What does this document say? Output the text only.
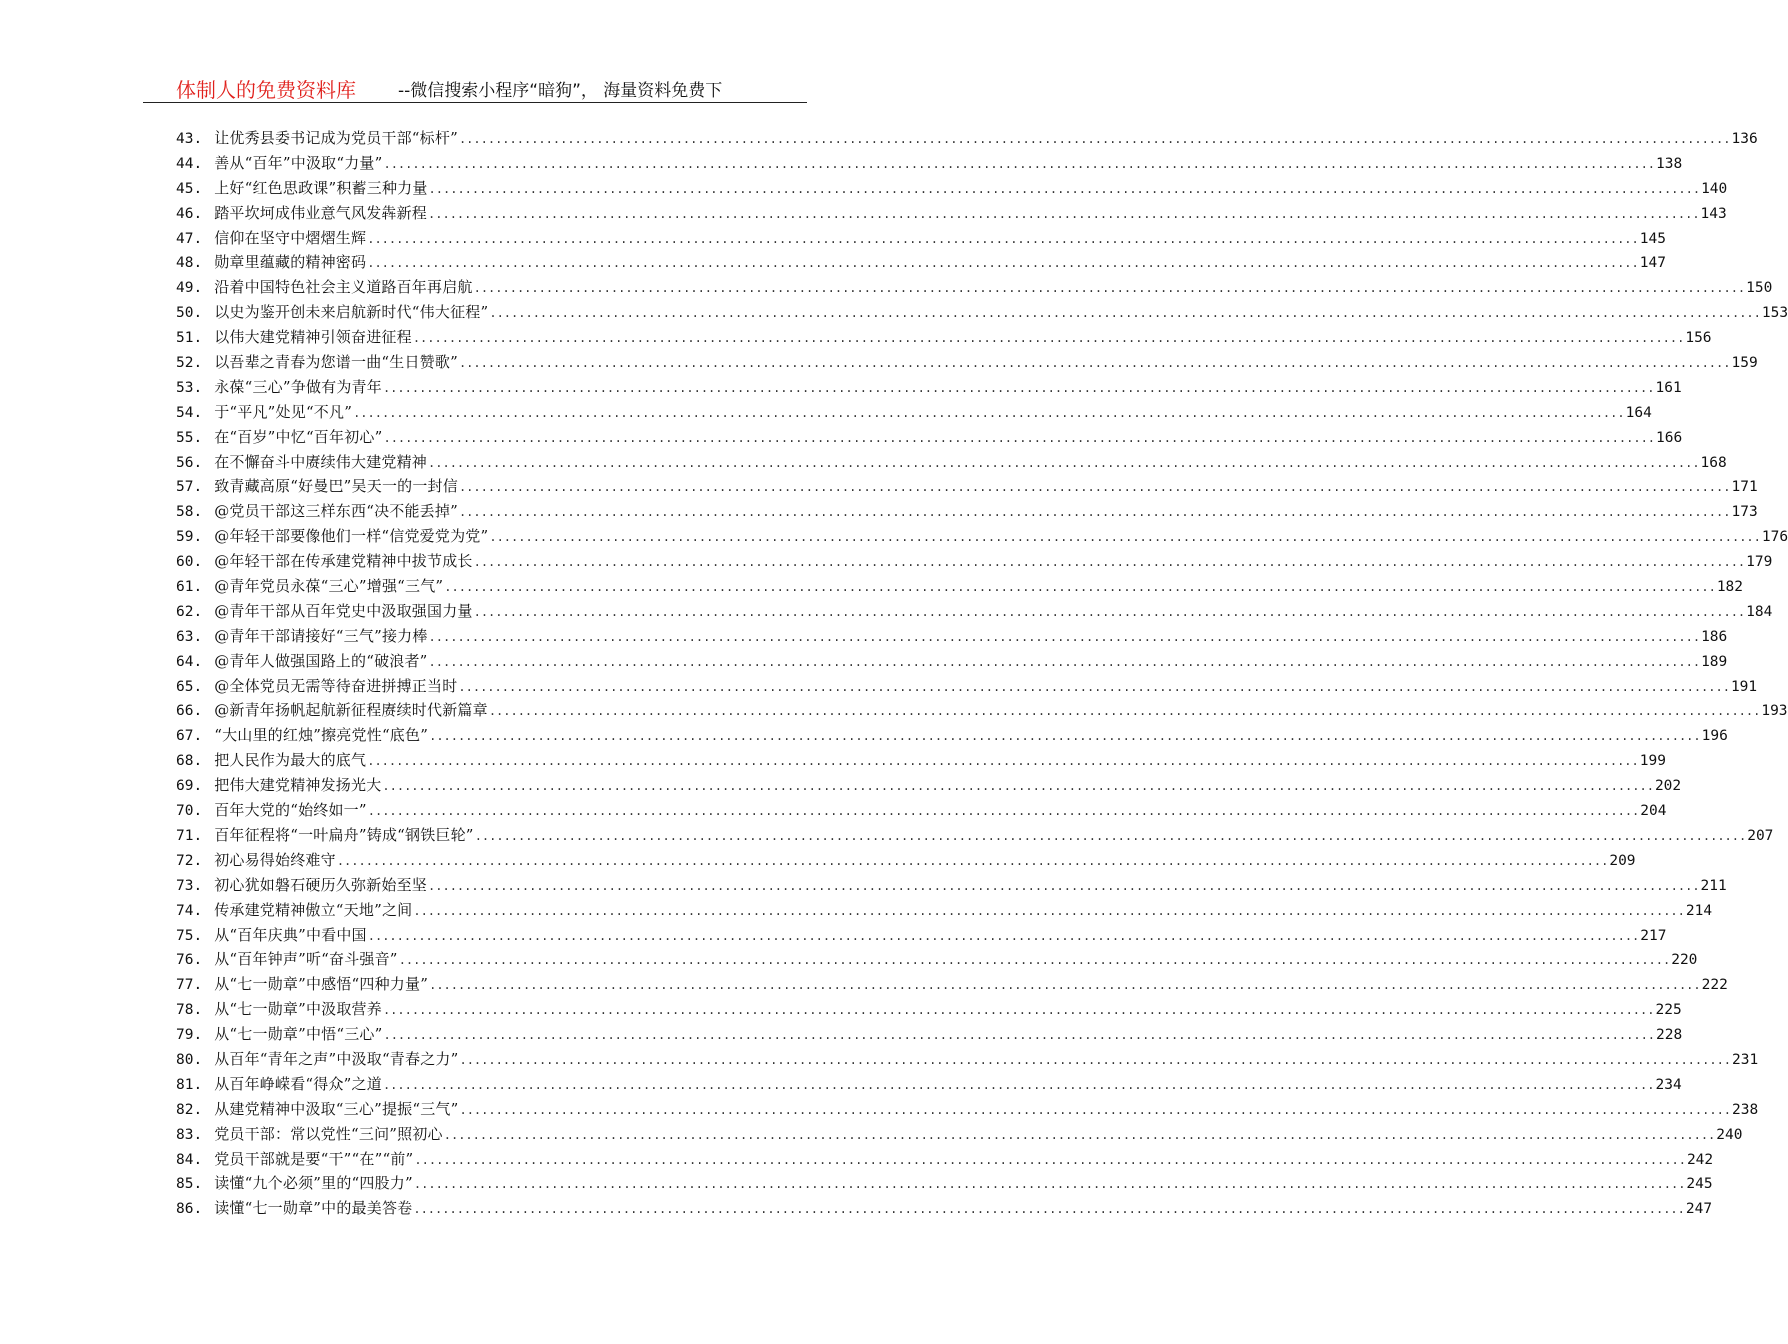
体制人的免费资料库 --微信搜索小程序“暗狗”， 海量资料免费下
43. 让优秀县委书记成为党员干部“标杆” .....	136
44. 善从“百年”中汲取“力量” .....	138
45. 上好“红色思政课”积蓄三种力量 .....	140
46. 踏平坎坷成伟业意气风发犇新程 .....	143
47. 信仰在坚守中熠熠生辉 .....	145
48. 勋章里蕴藏的精神密码 .....	147
49. 沿着中国特色社会主义道路百年再启航 .....	150
50. 以史为鉴开创未来启航新时代“伟大征程” .....	153
51. 以伟大建党精神引领奋进征程 .....	156
52. 以吾辈之青春为您谱一曲“生日赞歌” .....	159
53. 永葆“三心”争做有为青年 .....	161
54. 于“平凡”处见“不凡” .....	164
55. 在“百岁”中忆“百年初心” .....	166
56. 在不懈奋斗中赓续伟大建党精神 .....	168
57. 致青藏高原“好曼巴”吴天一的一封信 .....	171
58. @党员干部这三样东西“决不能丢掉” .....	173
59. @年轻干部要像他们一样“信党爱党为党” .....	176
60. @年轻干部在传承建党精神中拔节成长 .....	179
61. @青年党员永葆“三心”增强“三气” .....	182
62. @青年干部从百年党史中汲取强国力量 .....	184
63. @青年干部请接好“三气”接力棒 .....	186
64. @青年人做强国路上的“破浪者” .....	189
65. @全体党员无需等待奋进拼搏正当时 .....	191
66. @新青年扬帆起航新征程赓续时代新篇章 .....	193
67. “大山里的红烛”擦亮党性“底色” .....	196
68. 把人民作为最大的底气 .....	199
69. 把伟大建党精神发扬光大 .....	202
70. 百年大党的“始终如一” .....	204
71. 百年征程将“一叶扁舟”铸成“钢铁巨轮” .....	207
72. 初心易得始终难守 .....	209
73. 初心犹如磐石硬历久弥新始至坚 .....	211
74. 传承建党精神傲立“天地”之间 .....	214
75. 从“百年庆典”中看中国 .....	217
76. 从“百年钟声”听“奋斗强音” .....	220
77. 从“七一勋章”中感悟“四种力量” .....	222
78. 从“七一勋章”中汲取营养 .....	225
79. 从“七一勋章”中悟“三心” .....	228
80. 从百年“青年之声”中汲取“青春之力” .....	231
81. 从百年峥嵘看“得众”之道 .....	234
82. 从建党精神中汲取“三心”提振“三气” .....	238
83. 党员干部：常以党性“三问”照初心 .....	240
84. 党员干部就是要“干”“在”“前” .....	242
85. 读懂“九个必须”里的“四股力” .....	245
86. 读懂“七一勋章”中的最美答卷 .....	247
